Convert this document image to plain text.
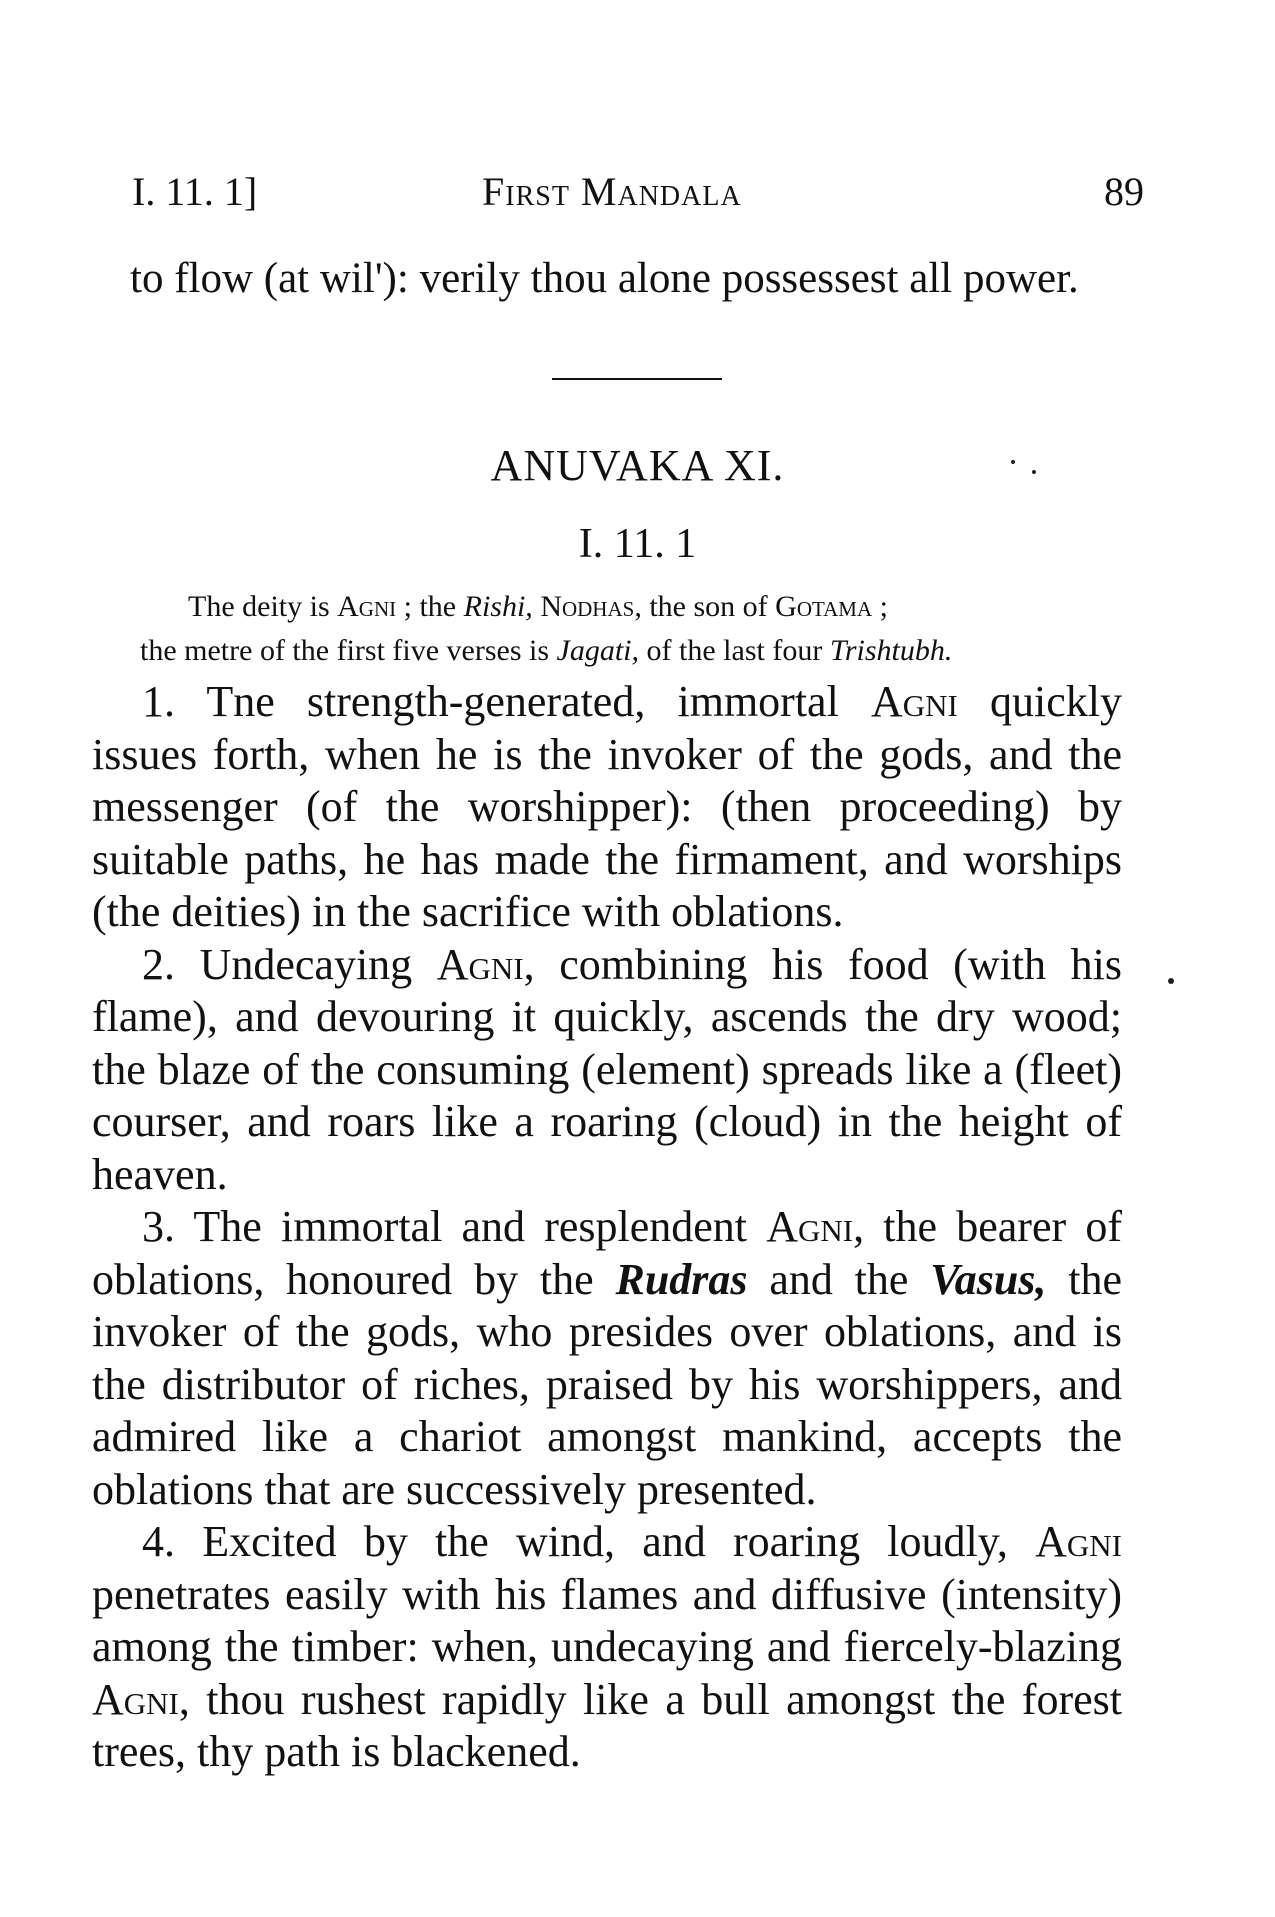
I. 11. 1]	First Mandala	89
to flow (at wil'): verily thou alone possessest all power.
ANUVAKA XI.
I. 11. 1
The deity is Agni ; the Rishi, Nodhas, the son of Gotama ;
the metre of the first five verses is Jagati, of the last four Trishtubh.

1. Tne strength-generated, immortal Agni quickly issues forth, when he is the invoker of the gods, and the messenger (of the worshipper): (then proceeding) by suitable paths, he has made the firmament, and worships (the deities) in the sacrifice with oblations.

2. Undecaying Agni, combining his food (with his flame), and devouring it quickly, ascends the dry wood; the blaze of the consuming (element) spreads like a (fleet) courser, and roars like a roaring (cloud) in the height of heaven.

3. The immortal and resplendent Agni, the bearer of oblations, honoured by the Rudras and the Vasus, the invoker of the gods, who presides over oblations, and is the distributor of riches, praised by his worshippers, and admired like a chariot amongst mankind, accepts the oblations that are successively presented.

4. Excited by the wind, and roaring loudly, Agni penetrates easily with his flames and diffusive (intensity) among the timber: when, undecaying and fiercely-blazing Agni, thou rushest rapidly like a bull amongst the forest trees, thy path is blackened.
